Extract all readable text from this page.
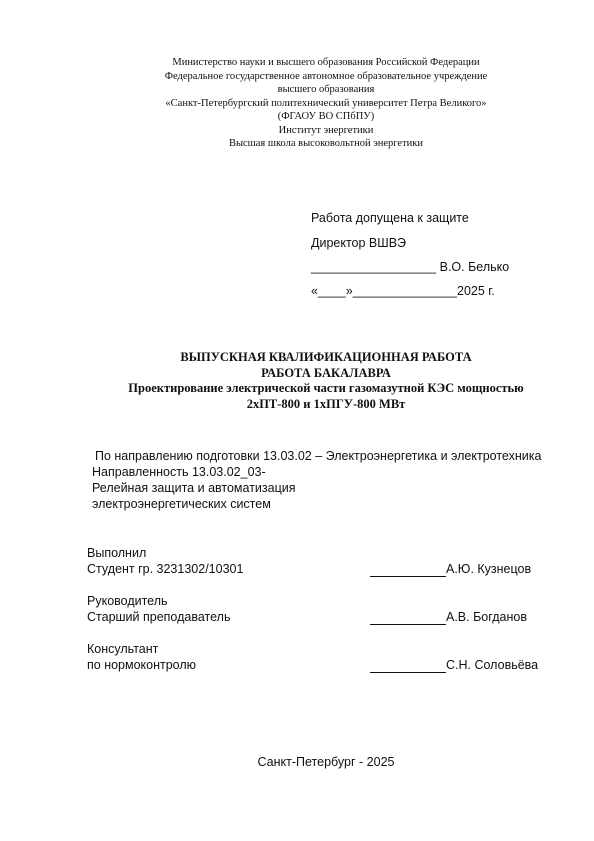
Министерство науки и высшего образования Российской Федерации
Федеральное государственное автономное образовательное учреждение
высшего образования
«Санкт-Петербургский политехнический университет Петра Великого»
(ФГАОУ ВО СПбПУ)
Институт энергетики
Высшая школа высоковольтной энергетики
Работа допущена к защите
Директор ВШВЭ
__________________ В.О. Белько
«____»_______________2025 г.
ВЫПУСКНАЯ КВАЛИФИКАЦИОННАЯ РАБОТА
РАБОТА БАКАЛАВРА
Проектирование электрической части газомазутной КЭС мощностью
2хПТ-800 и 1хПГУ-800 МВт
По направлению подготовки 13.03.02 – Электроэнергетика и электротехника
Направленность 13.03.02_03-
Релейная защита и автоматизация
электроэнергетических систем
Выполнил
Студент гр. 3231302/10301	А.Ю. Кузнецов
Руководитель
Старший преподаватель	А.В. Богданов
Консультант
по нормоконтролю	С.Н. Соловьёва
Санкт-Петербург - 2025
